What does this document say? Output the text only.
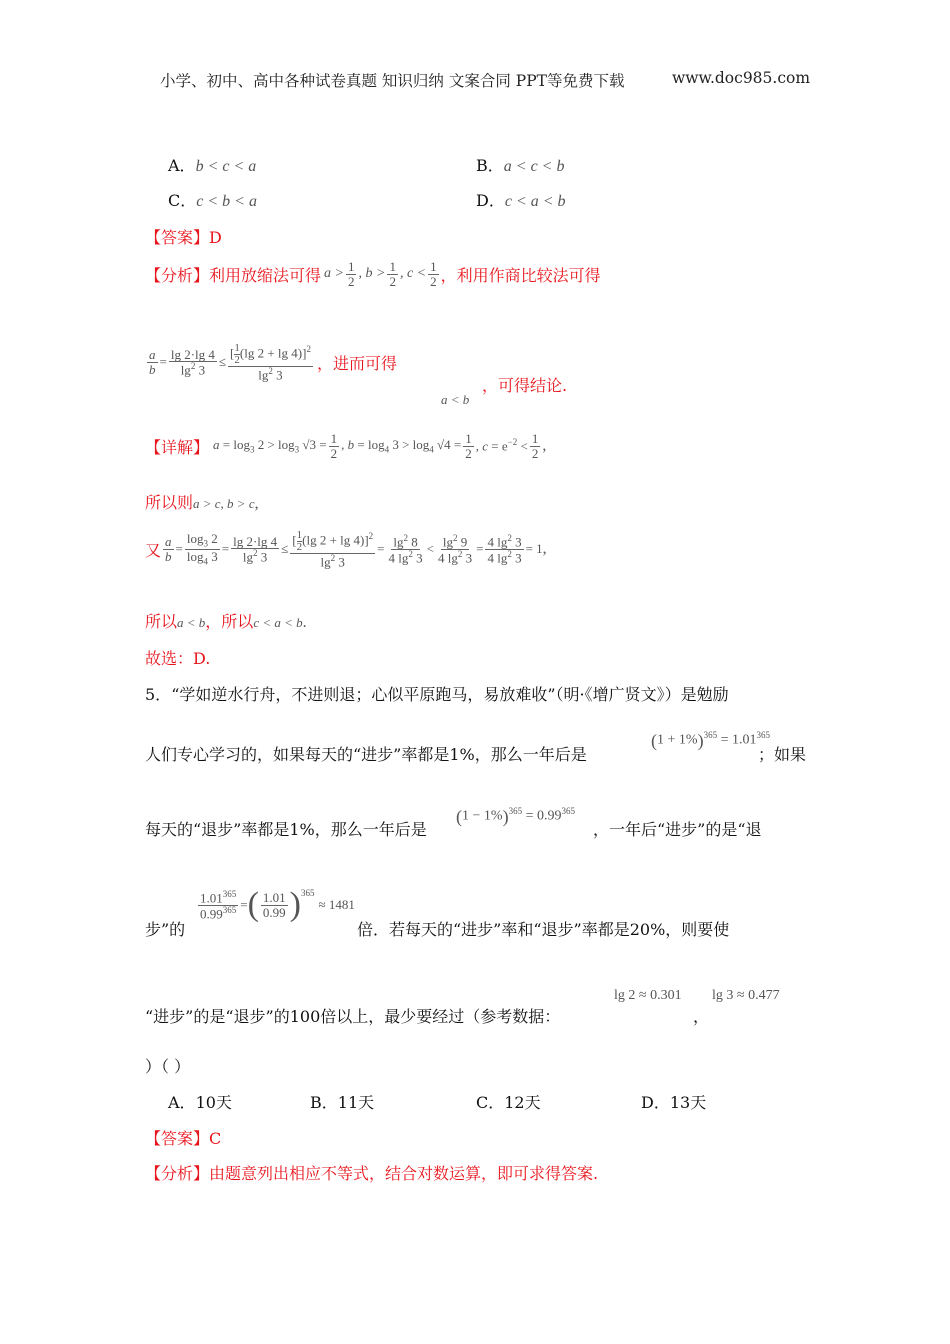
小学、初中、高中各种试卷真题 知识归纳 文案合同 PPT等免费下载	www.doc985.com
A．b < c < a	B．a < c < b
C．c < b < a	D．c < a < b
【答案】D
【分析】 利用放缩法可得 $a > \frac{1}{2}$ , $b > \frac{1}{2}$ , $c < \frac{1}{2}$ ，利用作商比较法可得
$\frac{a}{b} = \frac{\lg 2\cdot\lg 4}{\lg^2 3} \le \frac{[ \frac{1}{2} (\lg 2 + \lg 4)]^2}{\lg^2 3}$ ，进而可得
a < b
，可得结论.
【详解】 $a = \log_3 2 > \log_3 √3 = \frac{1}{2}$ , $b = \log_4 3 > \log_4 √4 = \frac{1}{2}$ , $c = e^{-2} < \frac{1}{2}$ ,
所以则a > c, b > c,
又 $\frac{a}{b} = \frac{\log_3 2}{\log_4 3} = \frac{\lg 2\cdot\lg 4}{\lg^2 3} \le \frac{[ \frac{1}{2} (\lg 2 + \lg 4)]^2}{\lg^2 3} = \frac{\lg^2 8}{4 \lg^2 3} < \frac{\lg^2 9}{4 \lg^2 3} = \frac{4 \lg^2 3}{4 \lg^2 3} = 1$ ,
所以a < b，所以c < a < b.
故选：D.
5．“学如逆水行舟，不进则退；心似平原跑马，易放难收”（明·《增广贤文》）是勉励
人们专心学习的，如果每天的“进步”率都是1%，那么一年后是
$(1 + 1\%)^{365} = 1.01^{365}$
；如果
每天的“退步”率都是1%，那么一年后是
$(1 - 1\%)^{365} = 0.99^{365}$
，一年后“进步”的是“退
步”的
$\frac{1.01^{365}}{0.99^{365}}$ = ( $\frac{1.01}{0.99}$ ) 365
≈ 1481
倍．若每天的“进步”率和“退步”率都是20%，则要使
“进步”的是“退步”的100倍以上，最少要经过（参考数据：
lg 2 ≈ 0.301
，
lg 3 ≈ 0.477
）（ ）
A．10天	B．11天	C．12天	D．13天
【答案】C
【分析】由题意列出相应不等式，结合对数运算，即可求得答案.
